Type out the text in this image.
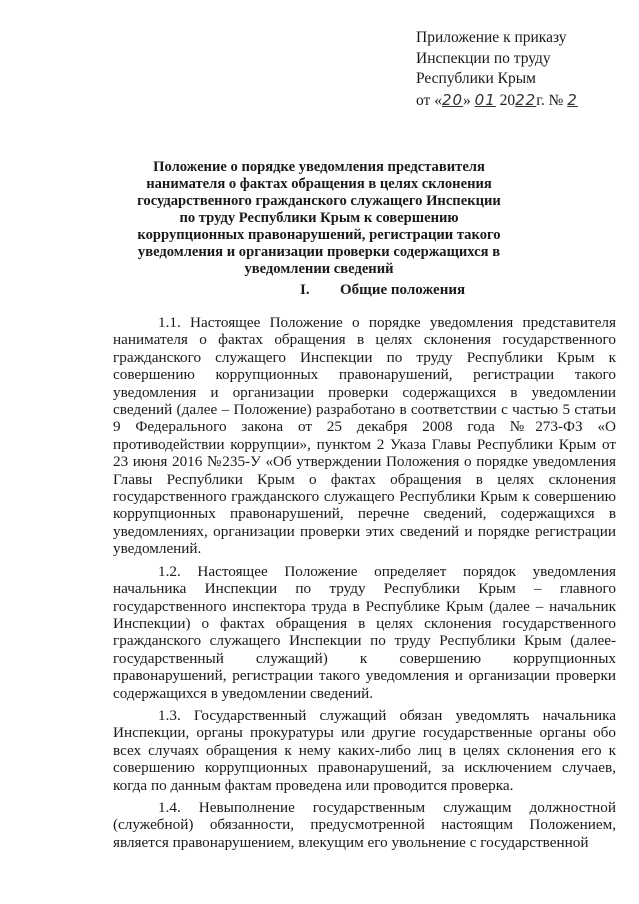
Приложение к приказу
Инспекции по труду
Республики Крым
от «20» 01 2022г. № 2
Положение о порядке уведомления представителя нанимателя о фактах обращения в целях склонения государственного гражданского служащего Инспекции по труду Республики Крым к совершению коррупционных правонарушений, регистрации такого уведомления и организации проверки содержащихся в уведомлении сведений
I. Общие положения

1.1. Настоящее Положение о порядке уведомления представителя нанимателя о фактах обращения в целях склонения государственного гражданского служащего Инспекции по труду Республики Крым к совершению коррупционных правонарушений, регистрации такого уведомления и организации проверки содержащихся в уведомлении сведений (далее – Положение) разработано в соответствии с частью 5 статьи 9 Федерального закона от 25 декабря 2008 года №273-ФЗ «О противодействии коррупции», пунктом 2 Указа Главы Республики Крым от 23 июня 2016 №235-У «Об утверждении Положения о порядке уведомления Главы Республики Крым о фактах обращения в целях склонения государственного гражданского служащего Республики Крым к совершению коррупционных правонарушений, перечне сведений, содержащихся в уведомлениях, организации проверки этих сведений и порядке регистрации уведомлений.

1.2. Настоящее Положение определяет порядок уведомления начальника Инспекции по труду Республики Крым – главного государственного инспектора труда в Республике Крым (далее – начальник Инспекции) о фактах обращения в целях склонения государственного гражданского служащего Инспекции по труду Республики Крым (далее-государственный служащий) к совершению коррупционных правонарушений, регистрации такого уведомления и организации проверки содержащихся в уведомлении сведений.

1.3. Государственный служащий обязан уведомлять начальника Инспекции, органы прокуратуры или другие государственные органы обо всех случаях обращения к нему каких-либо лиц в целях склонения его к совершению коррупционных правонарушений, за исключением случаев, когда по данным фактам проведена или проводится проверка.

1.4. Невыполнение государственным служащим должностной (служебной) обязанности, предусмотренной настоящим Положением, является правонарушением, влекущим его увольнение с государственной
